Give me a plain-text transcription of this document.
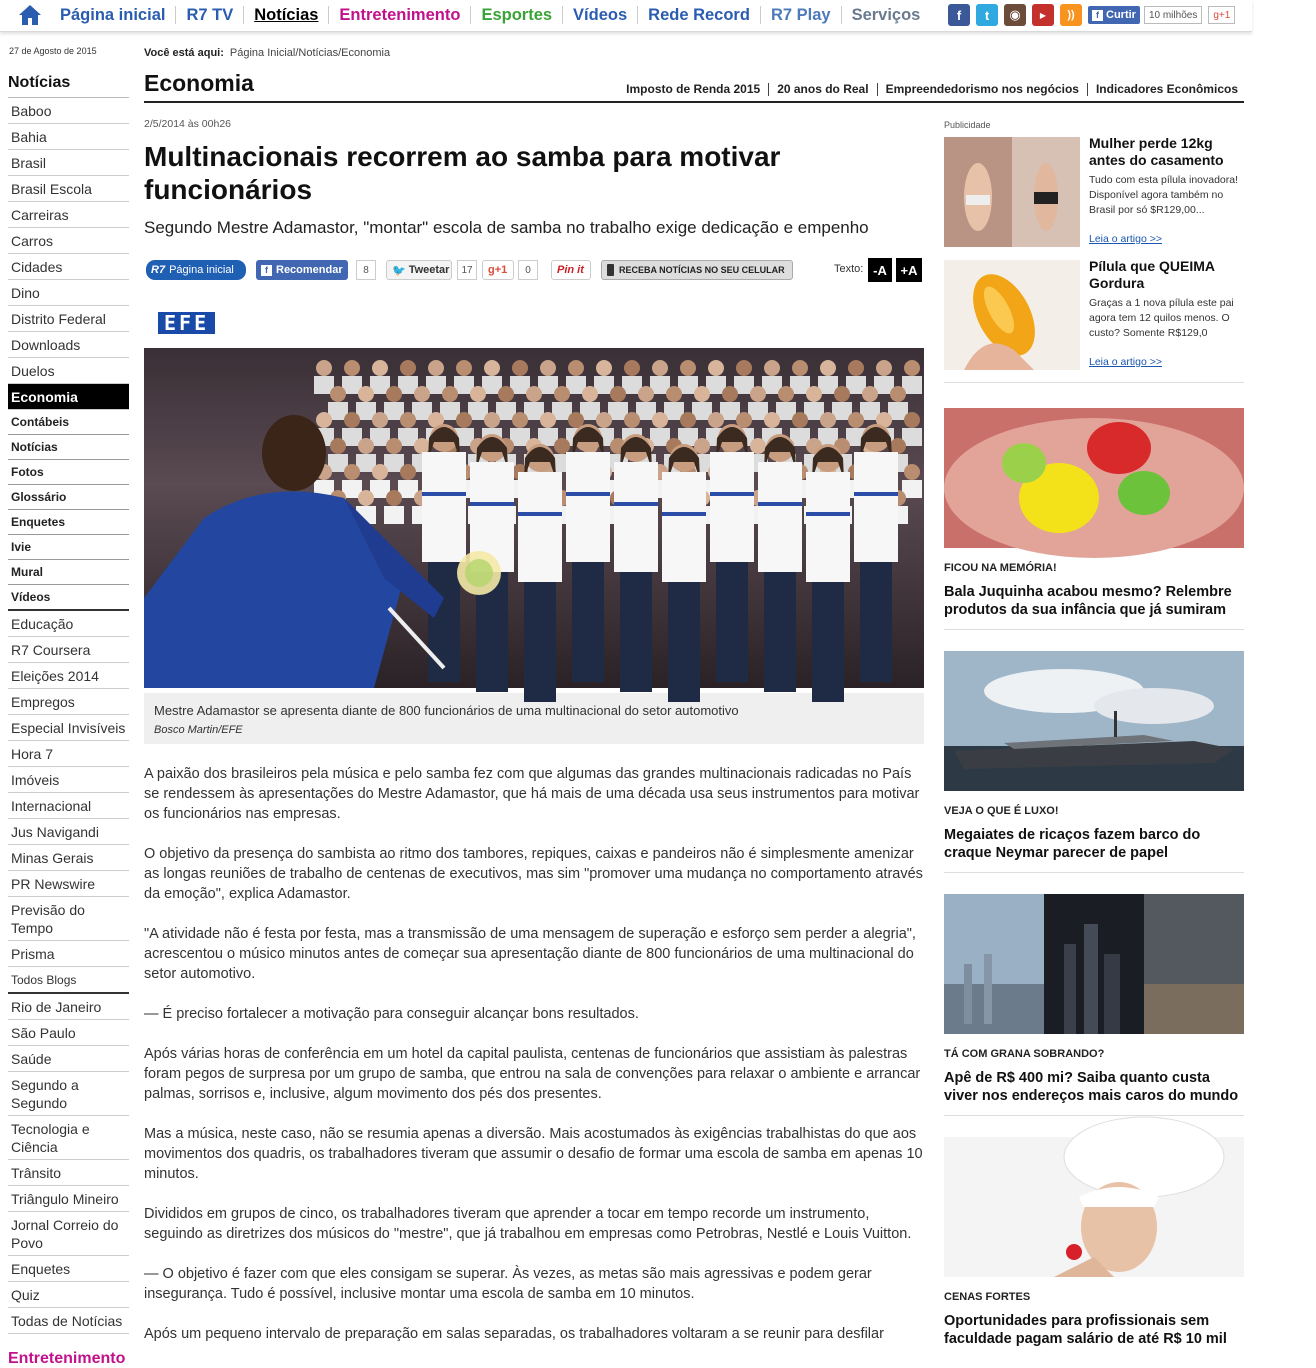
Página inicial	R7 TV	Notícias	Entretenimento	Esportes	Vídeos	Rede Record	R7 Play	Serviços	f	t	◉	▶	))	f Curtir	10 milhões	g+1
27 de Agosto de 2015
Notícias
Baboo
Bahia
Brasil
Brasil Escola
Carreiras
Carros
Cidades
Dino
Distrito Federal
Downloads
Duelos
Economia
Contábeis
Notícias
Fotos
Glossário
Enquetes
Ivie
Mural
Vídeos
Educação
R7 Coursera
Eleições 2014
Empregos
Especial Invisíveis
Hora 7
Imóveis
Internacional
Jus Navigandi
Minas Gerais
PR Newswire
Previsão do Tempo
Prisma
Todos Blogs
Rio de Janeiro
São Paulo
Saúde
Segundo a Segundo
Tecnologia e Ciência
Trânsito
Triângulo Mineiro
Jornal Correio do Povo
Enquetes
Quiz
Todas de Notícias
Entretenimento
Você está aqui: Página Inicial/Notícias/Economia
Economia	Imposto de Renda 2015	20 anos do Real	Empreendedorismo nos negócios	Indicadores Econômicos
2/5/2014 às 00h26
Multinacionais recorrem ao samba para motivar funcionários
Segundo Mestre Adamastor, "montar" escola de samba no trabalho exige dedicação e empenho
R7 Página inicial	f Recomendar	8	🐦 Tweetar	17	g +1	0	Pin it	RECEBA NOTÍCIAS NO SEU CELULAR	Texto: -A	+A
EFE
Mestre Adamastor se apresenta diante de 800 funcionários de uma multinacional do setor automotivo
Bosco Martin/EFE

A paixão dos brasileiros pela música e pelo samba fez com que algumas das grandes multinacionais radicadas no País se rendessem às apresentações do Mestre Adamastor, que há mais de uma década usa seus instrumentos para motivar os funcionários nas empresas.

O objetivo da presença do sambista ao ritmo dos tambores, repiques, caixas e pandeiros não é simplesmente amenizar as longas reuniões de trabalho de centenas de executivos, mas sim "promover uma mudança no comportamento através da emoção", explica Adamastor.

"A atividade não é festa por festa, mas a transmissão de uma mensagem de superação e esforço sem perder a alegria", acrescentou o músico minutos antes de começar sua apresentação diante de 800 funcionários de uma multinacional do setor automotivo.

— É preciso fortalecer a motivação para conseguir alcançar bons resultados.

Após várias horas de conferência em um hotel da capital paulista, centenas de funcionários que assistiam às palestras foram pegos de surpresa por um grupo de samba, que entrou na sala de convenções para relaxar o ambiente e arrancar palmas, sorrisos e, inclusive, algum movimento dos pés dos presentes.

Mas a música, neste caso, não se resumia apenas a diversão. Mais acostumados às exigências trabalhistas do que aos movimentos dos quadris, os trabalhadores tiveram que assumir o desafio de formar uma escola de samba em apenas 10 minutos.

Divididos em grupos de cinco, os trabalhadores tiveram que aprender a tocar em tempo recorde um instrumento, seguindo as diretrizes dos músicos do "mestre", que já trabalhou em empresas como Petrobras, Nestlé e Louis Vuitton.

— O objetivo é fazer com que eles consigam se superar. Às vezes, as metas são mais agressivas e podem gerar insegurança. Tudo é possível, inclusive montar uma escola de samba em 10 minutos.

Após um pequeno intervalo de preparação em salas separadas, os trabalhadores voltaram a se reunir para desfilar

Publicidade
Mulher perde 12kg antes do casamento
Tudo com esta pílula inovadora! Disponível agora também no Brasil por só $R129,00...
Leia o artigo >>
Pílula que QUEIMA Gordura
Graças a 1 nova pílula este pai agora tem 12 quilos menos. O custo? Somente R$129,0
Leia o artigo >>
FICOU NA MEMÓRIA!
Bala Juquinha acabou mesmo? Relembre produtos da sua infância que já sumiram
VEJA O QUE É LUXO!
Megaiates de ricaços fazem barco do craque Neymar parecer de papel
TÁ COM GRANA SOBRANDO?
Apê de R$ 400 mi? Saiba quanto custa viver nos endereços mais caros do mundo
CENAS FORTES
Oportunidades para profissionais sem faculdade pagam salário de até R$ 10 mil
